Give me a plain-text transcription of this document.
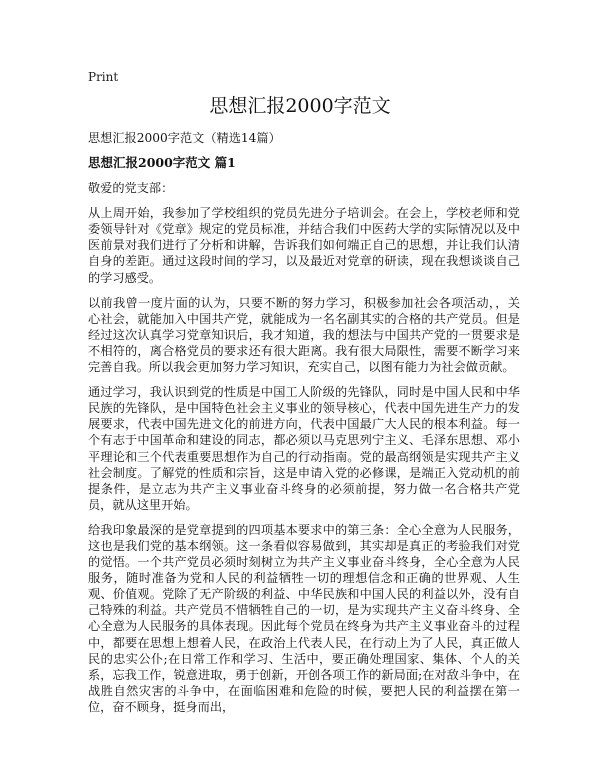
Print
思想汇报2000字范文

思想汇报2000字范文（精选14篇）

思想汇报2000字范文 篇1

敬爱的党支部：

从上周开始，我参加了学校组织的党员先进分子培训会。在会上，学校老师和党委领导针对《党章》规定的党员标准，并结合我们中医药大学的实际情况以及中医前景对我们进行了分析和讲解，告诉我们如何端正自己的思想，并让我们认清自身的差距。通过这段时间的学习，以及最近对党章的研读，现在我想谈谈自己的学习感受。

以前我曾一度片面的认为，只要不断的努力学习，积极参加社会各项活动，，关心社会，就能加入中国共产党，就能成为一名名副其实的合格的共产党员。但是经过这次认真学习党章知识后，我才知道，我的想法与中国共产党的一贯要求是不相符的，离合格党员的要求还有很大距离。我有很大局限性，需要不断学习来完善自我。所以我会更加努力学习知识，充实自己，以图有能力为社会做贡献。

通过学习，我认识到党的性质是中国工人阶级的先锋队，同时是中国人民和中华民族的先锋队，是中国特色社会主义事业的领导核心，代表中国先进生产力的发展要求，代表中国先进文化的前进方向，代表中国最广大人民的根本利益。每一个有志于中国革命和建设的同志，都必须以马克思列宁主义、毛泽东思想、邓小平理论和三个代表重要思想作为自己的行动指南。党的最高纲领是实现共产主义社会制度。了解党的性质和宗旨，这是申请入党的必修课，是端正入党动机的前提条件，是立志为共产主义事业奋斗终身的必须前提，努力做一名合格共产党员，就从这里开始。

给我印象最深的是党章提到的四项基本要求中的第三条：全心全意为人民服务，这也是我们党的基本纲领。这一条看似容易做到，其实却是真正的考验我们对党的觉悟。一个共产党员必须时刻树立为共产主义事业奋斗终身，全心全意为人民服务，随时准备为党和人民的利益牺牲一切的理想信念和正确的世界观、人生观、价值观。党除了无产阶级的利益、中华民族和中国人民的利益以外，没有自己特殊的利益。共产党员不惜牺牲自己的一切，是为实现共产主义奋斗终身、全心全意为人民服务的具体表现。因此每个党员在终身为共产主义事业奋斗的过程中，都要在思想上想着人民，在政治上代表人民，在行动上为了人民，真正做人民的忠实公仆;在日常工作和学习、生活中，要正确处理国家、集体、个人的关系，忘我工作，锐意进取，勇于创新，开创各项工作的新局面;在对敌斗争中，在战胜自然灾害的斗争中，在面临困难和危险的时候，要把人民的利益摆在第一位，奋不顾身，挺身而出，
